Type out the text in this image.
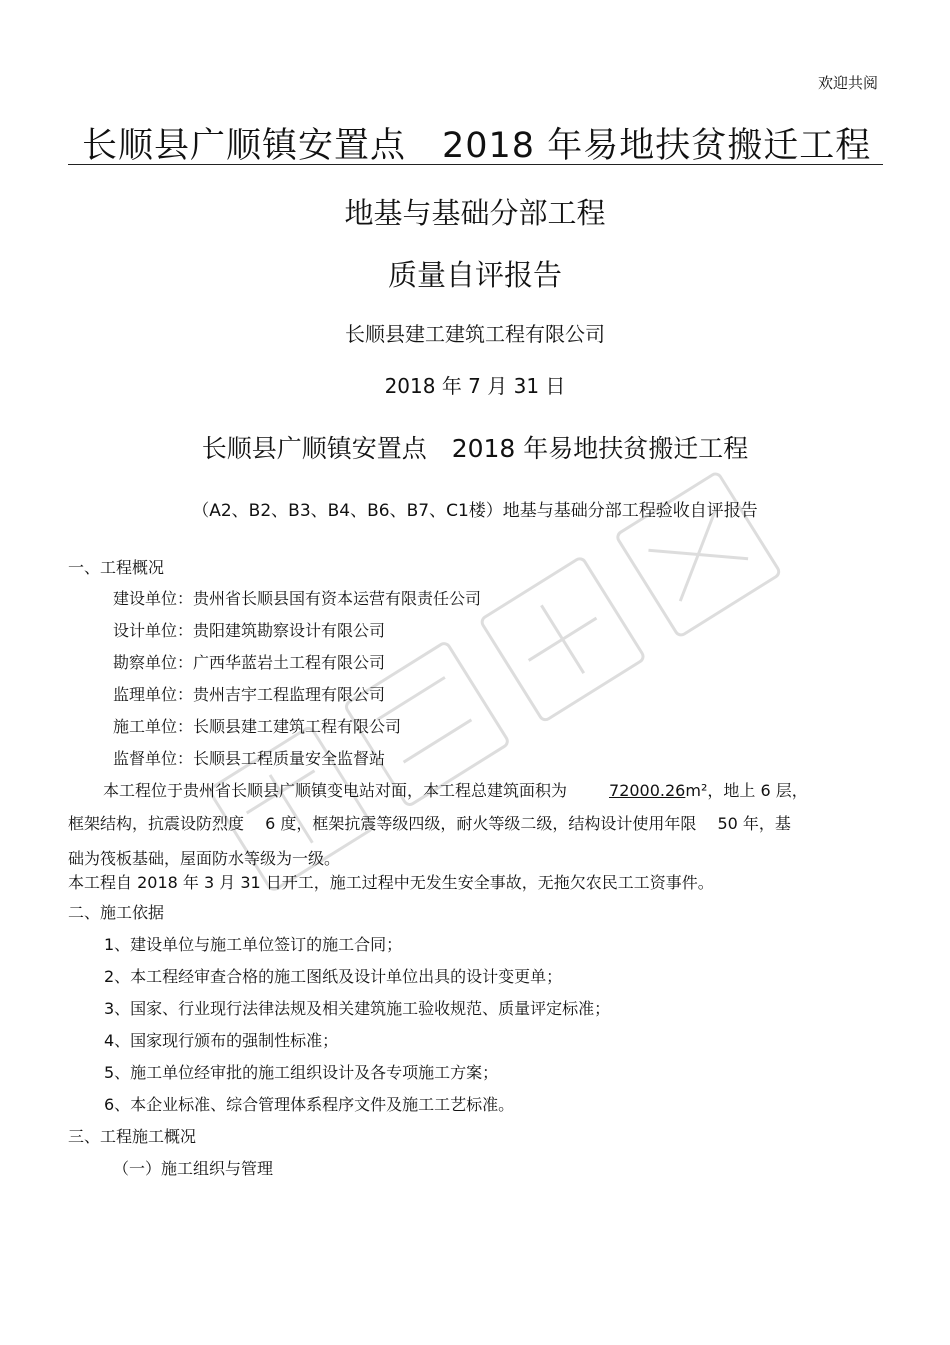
欢迎共阅
长顺县广顺镇安置点　2018 年易地扶贫搬迁工程
地基与基础分部工程
质量自评报告
长顺县建工建筑工程有限公司
2018 年 7 月 31 日
长顺县广顺镇安置点　2018 年易地扶贫搬迁工程
（A2、B2、B3、B4、B6、B7、C1楼）地基与基础分部工程验收自评报告
一、工程概况
建设单位：贵州省长顺县国有资本运营有限责任公司
设计单位：贵阳建筑勘察设计有限公司
勘察单位：广西华蓝岩土工程有限公司
监理单位：贵州吉宇工程监理有限公司
施工单位：长顺县建工建筑工程有限公司
监督单位：长顺县工程质量安全监督站
本工程位于贵州省长顺县广顺镇变电站对面，本工程总建筑面积为	72000.26m²，地上 6 层，
框架结构，抗震设防烈度　 6 度，框架抗震等级四级，耐火等级二级，结构设计使用年限　 50 年，基
础为筏板基础，屋面防水等级为一级。
本工程自 2018 年 3 月 31 日开工，施工过程中无发生安全事故，无拖欠农民工工资事件。
二、施工依据
1、建设单位与施工单位签订的施工合同；
2、本工程经审查合格的施工图纸及设计单位出具的设计变更单；
3、国家、行业现行法律法规及相关建筑施工验收规范、质量评定标准；
4、国家现行颁布的强制性标准；
5、施工单位经审批的施工组织设计及各专项施工方案；
6、本企业标准、综合管理体系程序文件及施工工艺标准。
三、工程施工概况
（一）施工组织与管理
